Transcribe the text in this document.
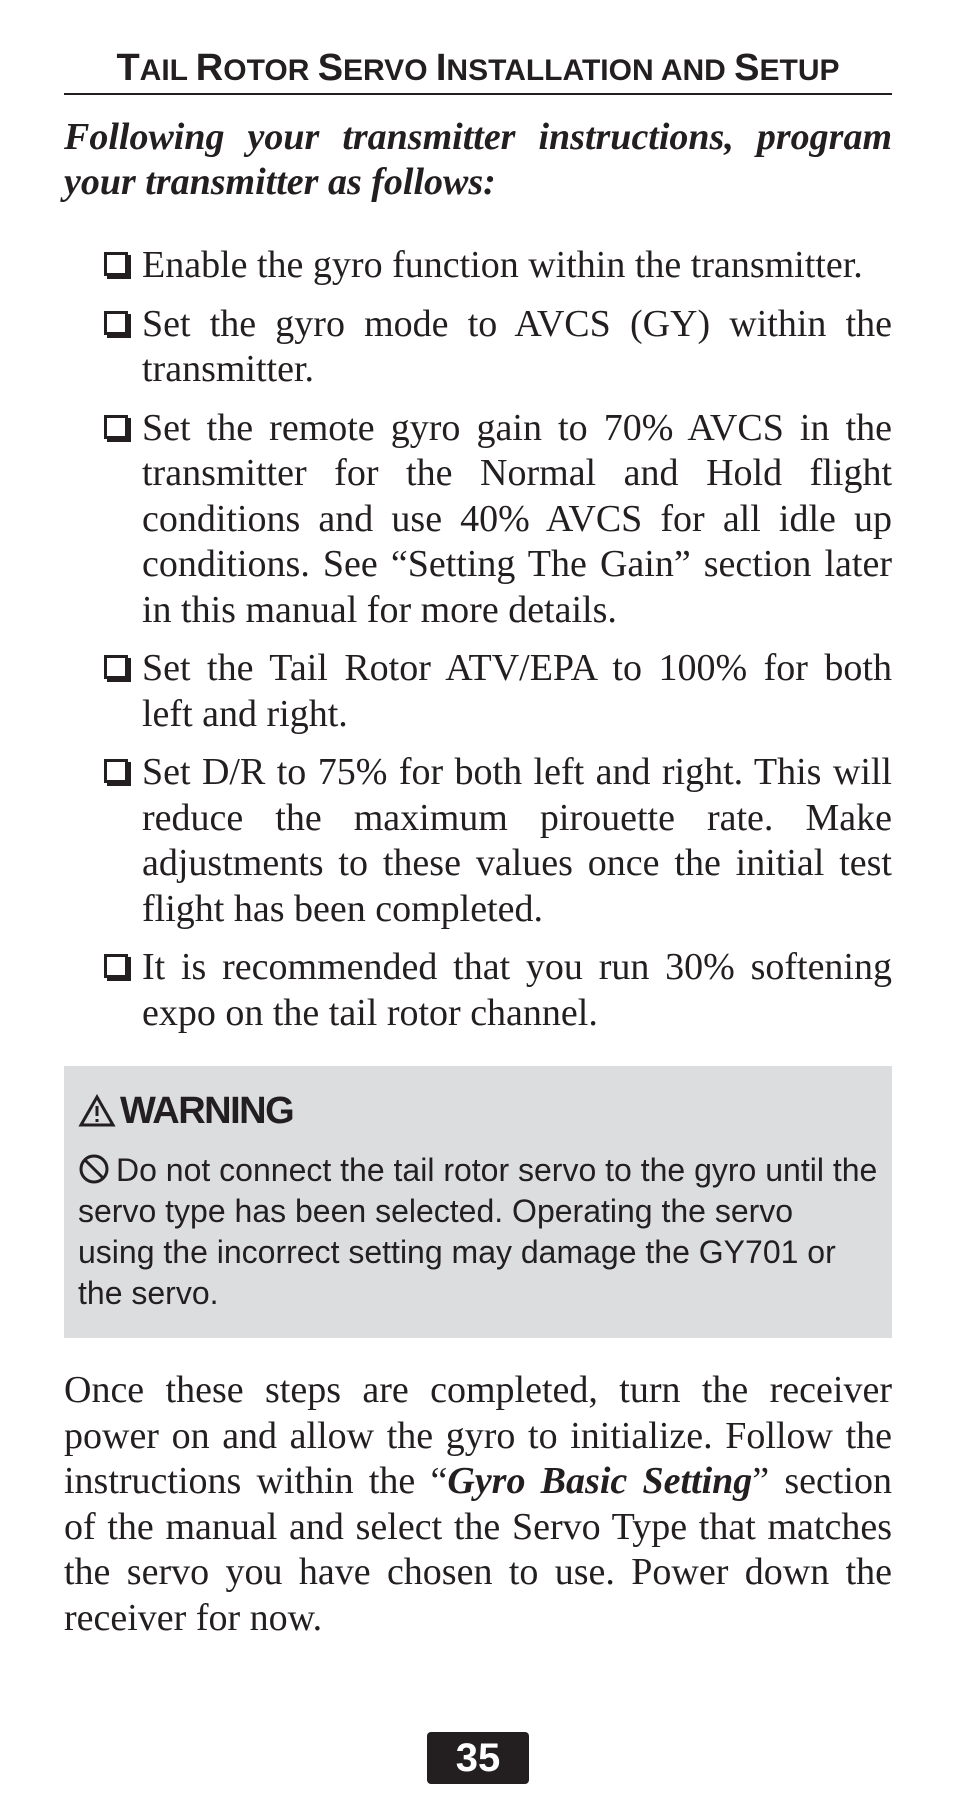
TAIL ROTOR SERVO INSTALLATION AND SETUP
Following your transmitter instructions, program your transmitter as follows:
Enable the gyro function within the transmitter.
Set the gyro mode to AVCS (GY) within the transmitter.
Set the remote gyro gain to 70% AVCS in the transmitter for the Normal and Hold flight conditions and use 40% AVCS for all idle up conditions. See “Setting The Gain” section later in this manual for more details.
Set the Tail Rotor ATV/EPA to 100% for both left and right.
Set D/R to 75% for both left and right. This will reduce the maximum pirouette rate. Make adjustments to these values once the initial test flight has been completed.
It is recommended that you run 30% softening expo on the tail rotor channel.
WARNING
Do not connect the tail rotor servo to the gyro until the servo type has been selected. Operating the servo using the incorrect setting may damage the GY701 or the servo.
Once these steps are completed, turn the receiver power on and allow the gyro to initialize. Follow the instructions within the “Gyro Basic Setting” section of the manual and select the Servo Type that matches the servo you have chosen to use. Power down the receiver for now.
35
